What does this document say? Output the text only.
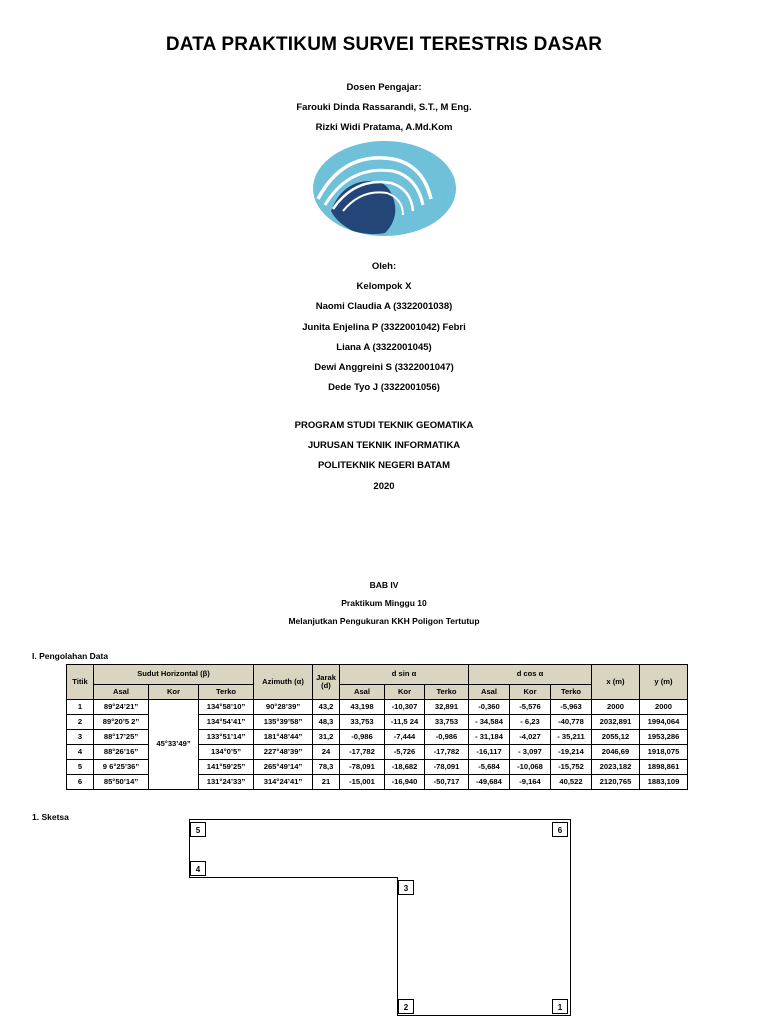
DATA PRAKTIKUM SURVEI TERESTRIS DASAR
Dosen Pengajar:
Farouki Dinda Rassarandi, S.T., M Eng.
Rizki Widi Pratama, A.Md.Kom
Oleh:
Kelompok X
Naomi Claudia A (3322001038)
Junita Enjelina P (3322001042) Febri
Liana A (3322001045)
Dewi Anggreini S (3322001047)
Dede Tyo J (3322001056)
PROGRAM STUDI TEKNIK GEOMATIKA
JURUSAN TEKNIK INFORMATIKA
POLITEKNIK NEGERI BATAM
2020
BAB IV
Praktikum Minggu 10
Melanjutkan Pengukuran KKH Poligon Tertutup
I. Pengolahan Data
Titik	Sudut Horizontal (β)			Azimuth (α)	Jarak (d)	d sin α			d cos α			x (m)	y (m)
	Asal	Kor	Terko			Asal	Kor	Terko	Asal	Kor	Terko		
1	89°24’21”	45°33’49”	134°58’10”	90°28’39”	43,2	43,198	-10,307	32,891	-0,360	-5,576	-5,963	2000	2000
2	89°20’5 2”		134°54’41”	135°39’58”	48,3	33,753	-11,5 24	33,753	- 34,584	- 6,23	-40,778	2032,891	1994,064
3	88°17’25”		133°51’14”	181°48’44”	31,2	-0,986	-7,444	-0,986	- 31,184	-4,027	- 35,211	2055,12	1953,286
4	88°26’16”		134°0’5”	227°48’39”	24	-17,782	-5,726	-17,782	-16,117	- 3,097	-19,214	2046,69	1918,075
5	9 6°25’36”		141°59’25”	265°49’14”	78,3	-78,091	-18,682	-78,091	-5,684	-10,068	-15,752	2023,182	1898,861
6	85°50’14”		131°24’33”	314°24’41”	21	-15,001	-16,940	-50,717	-49,684	-9,164	40,522	2120,765	1883,109
1. Sketsa
5	6
4
3
2	1
